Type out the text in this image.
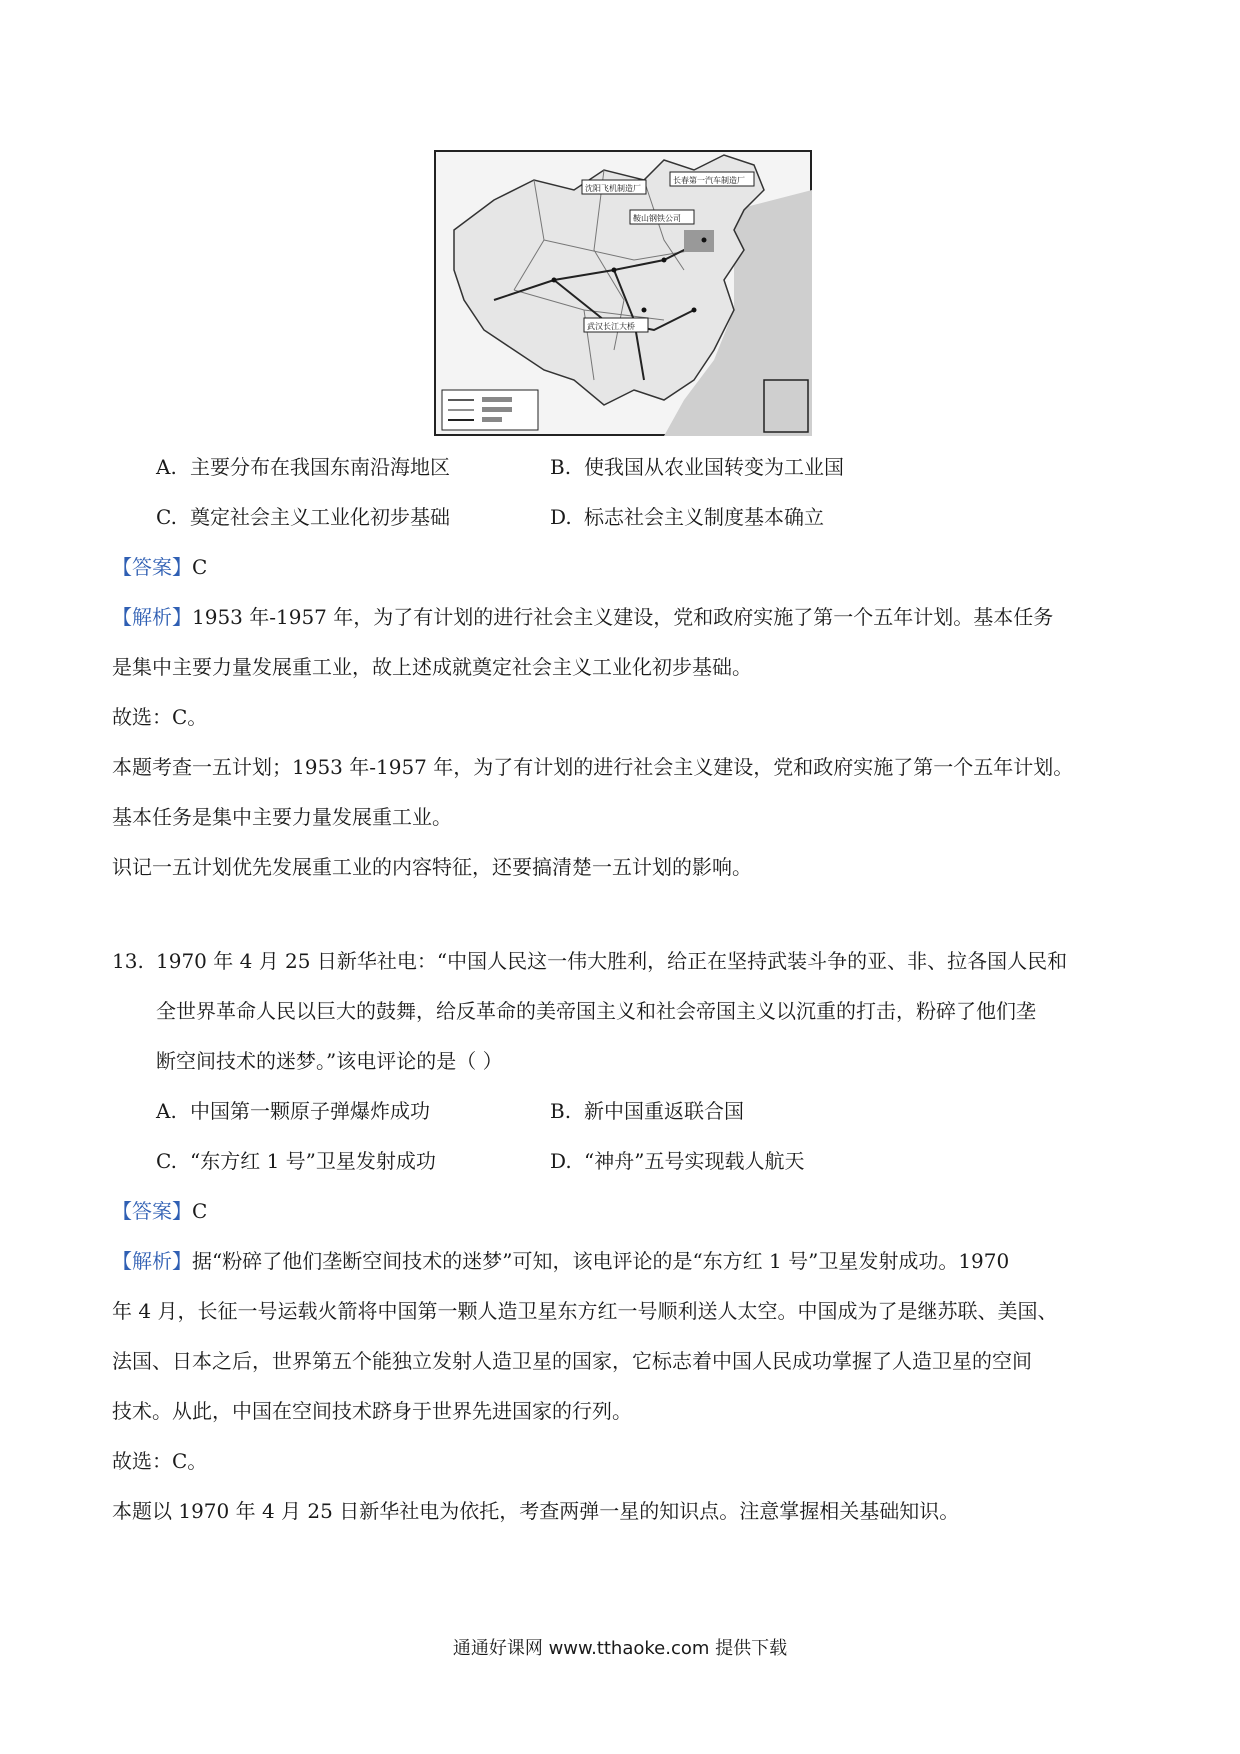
沈阳飞机制造厂
长春第一汽车制造厂
鞍山钢铁公司
武汉长江大桥
A. 主要分布在我国东南沿海地区	B. 使我国从农业国转变为工业国
C. 奠定社会主义工业化初步基础	D. 标志社会主义制度基本确立
【答案】C
【解析】1953 年-1957 年，为了有计划的进行社会主义建设，党和政府实施了第一个五年计划。基本任务
是集中主要力量发展重工业，故上述成就奠定社会主义工业化初步基础。
故选：C。
本题考查一五计划；1953 年-1957 年，为了有计划的进行社会主义建设，党和政府实施了第一个五年计划。
基本任务是集中主要力量发展重工业。
识记一五计划优先发展重工业的内容特征，还要搞清楚一五计划的影响。
13. 1970 年 4 月 25 日新华社电：“中国人民这一伟大胜利，给正在坚持武装斗争的亚、非、拉各国人民和
全世界革命人民以巨大的鼓舞，给反革命的美帝国主义和社会帝国主义以沉重的打击，粉碎了他们垄
断空间技术的迷梦。”该电评论的是（ ）
A. 中国第一颗原子弹爆炸成功	B. 新中国重返联合国
C. “东方红 1 号”卫星发射成功	D. “神舟”五号实现载人航天
【答案】C
【解析】据“粉碎了他们垄断空间技术的迷梦”可知，该电评论的是“东方红 1 号”卫星发射成功。1970
年 4 月，长征一号运载火箭将中国第一颗人造卫星东方红一号顺利送人太空。中国成为了是继苏联、美国、
法国、日本之后，世界第五个能独立发射人造卫星的国家，它标志着中国人民成功掌握了人造卫星的空间
技术。从此，中国在空间技术跻身于世界先进国家的行列。
故选：C。
本题以 1970 年 4 月 25 日新华社电为依托，考查两弹一星的知识点。注意掌握相关基础知识。
通通好课网 www.tthaoke.com 提供下载
